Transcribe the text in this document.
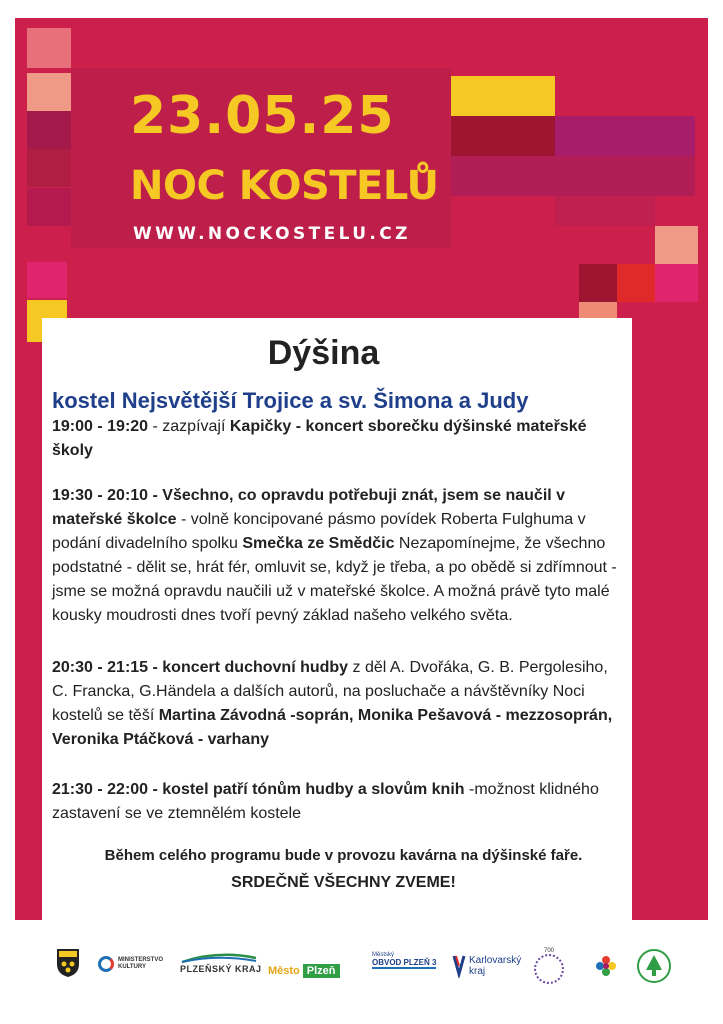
23.05.25
NOC KOSTELŮ
WWW.NOCKOSTELU.CZ
Dýšina
kostel Nejsvětější Trojice a sv. Šimona a Judy
19:00 - 19:20 - zazpívají Kapičky - koncert sborečku dýšinské mateřské školy
19:30 - 20:10 - Všechno, co opravdu potřebuji znát, jsem se naučil v mateřské školce - volně koncipované pásmo povídek Roberta Fulghuma v podání divadelního spolku Smečka ze Smědčic Nezapomínejme, že všechno podstatné - dělit se, hrát fér, omluvit se, když je třeba, a po obědě si zdřímnout - jsme se možná opravdu naučili už v mateřské školce. A možná právě tyto malé kousky moudrosti dnes tvoří pevný základ našeho velkého světa.
20:30 - 21:15 - koncert duchovní hudby z děl A. Dvořáka, G. B. Pergolesiho, C. Francka, G.Händela a dalších autorů, na posluchače a návštěvníky Noci kostelů se těší Martina Závodná -soprán, Monika Pešavová - mezzosoprán, Veronika Ptáčková - varhany
21:30 - 22:00 - kostel patří tónům hudby a slovům knih -možnost klidného zastavení se ve ztemnělém kostele
Během celého programu bude v provozu kavárna na dýšinské faře.
SRDEČNĚ VŠECHNY ZVEME!
MINISTERSTVO KULTURY	PLZEŇSKÝ KRAJ Město Plzeň
Městský
OBVOD PLZEŇ 3	Karlovarský
kraj
700
